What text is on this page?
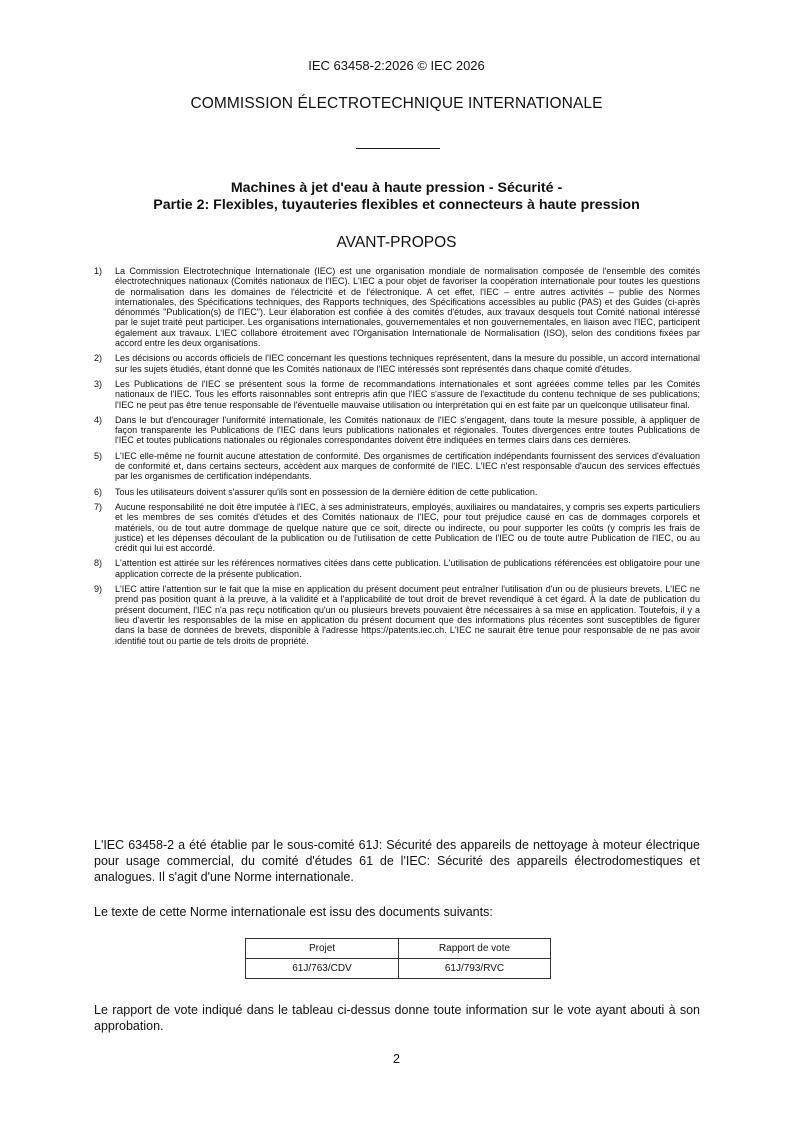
IEC 63458-2:2026 © IEC 2026
COMMISSION ÉLECTROTECHNIQUE INTERNATIONALE
Machines à jet d'eau à haute pression - Sécurité -
Partie 2: Flexibles, tuyauteries flexibles et connecteurs à haute pression
AVANT-PROPOS
1) La Commission Electrotechnique Internationale (IEC) est une organisation mondiale de normalisation composée de l'ensemble des comités électrotechniques nationaux (Comités nationaux de l'IEC). L'IEC a pour objet de favoriser la coopération internationale pour toutes les questions de normalisation dans les domaines de l'électricité et de l'électronique. A cet effet, l'IEC – entre autres activités – publie des Normes internationales, des Spécifications techniques, des Rapports techniques, des Spécifications accessibles au public (PAS) et des Guides (ci-après dénommés "Publication(s) de l'IEC"). Leur élaboration est confiée à des comités d'études, aux travaux desquels tout Comité national intéressé par le sujet traité peut participer. Les organisations internationales, gouvernementales et non gouvernementales, en liaison avec l'IEC, participent également aux travaux. L'IEC collabore étroitement avec l'Organisation Internationale de Normalisation (ISO), selon des conditions fixées par accord entre les deux organisations.
2) Les décisions ou accords officiels de l'IEC concernant les questions techniques représentent, dans la mesure du possible, un accord international sur les sujets étudiés, étant donné que les Comités nationaux de l'IEC intéressés sont représentés dans chaque comité d'études.
3) Les Publications de l'IEC se présentent sous la forme de recommandations internationales et sont agréées comme telles par les Comités nationaux de l'IEC. Tous les efforts raisonnables sont entrepris afin que l'IEC s'assure de l'exactitude du contenu technique de ses publications; l'IEC ne peut pas être tenue responsable de l'éventuelle mauvaise utilisation ou interprétation qui en est faite par un quelconque utilisateur final.
4) Dans le but d'encourager l'uniformité internationale, les Comités nationaux de l'IEC s'engagent, dans toute la mesure possible, à appliquer de façon transparente les Publications de l'IEC dans leurs publications nationales et régionales. Toutes divergences entre toutes Publications de l'IEC et toutes publications nationales ou régionales correspondantes doivent être indiquées en termes clairs dans ces dernières.
5) L'IEC elle-même ne fournit aucune attestation de conformité. Des organismes de certification indépendants fournissent des services d'évaluation de conformité et, dans certains secteurs, accèdent aux marques de conformité de l'IEC. L'IEC n'est responsable d'aucun des services effectués par les organismes de certification indépendants.
6) Tous les utilisateurs doivent s'assurer qu'ils sont en possession de la dernière édition de cette publication.
7) Aucune responsabilité ne doit être imputée à l'IEC, à ses administrateurs, employés, auxiliaires ou mandataires, y compris ses experts particuliers et les membres de ses comités d'études et des Comités nationaux de l'IEC, pour tout préjudice causé en cas de dommages corporels et matériels, ou de tout autre dommage de quelque nature que ce soit, directe ou indirecte, ou pour supporter les coûts (y compris les frais de justice) et les dépenses découlant de la publication ou de l'utilisation de cette Publication de l'IEC ou de toute autre Publication de l'IEC, ou au crédit qui lui est accordé.
8) L'attention est attirée sur les références normatives citées dans cette publication. L'utilisation de publications référencées est obligatoire pour une application correcte de la présente publication.
9) L'IEC attire l'attention sur le fait que la mise en application du présent document peut entraîner l'utilisation d'un ou de plusieurs brevets. L'IEC ne prend pas position quant à la preuve, à la validité et à l'applicabilité de tout droit de brevet revendiqué à cet égard. À la date de publication du présent document, l'IEC n'a pas reçu notification qu'un ou plusieurs brevets pouvaient être nécessaires à sa mise en application. Toutefois, il y a lieu d'avertir les responsables de la mise en application du présent document que des informations plus récentes sont susceptibles de figurer dans la base de données de brevets, disponible à l'adresse https://patents.iec.ch. L'IEC ne saurait être tenue pour responsable de ne pas avoir identifié tout ou partie de tels droits de propriété.

L'IEC 63458-2 a été établie par le sous-comité 61J: Sécurité des appareils de nettoyage à moteur électrique pour usage commercial, du comité d'études 61 de l'IEC: Sécurité des appareils électrodomestiques et analogues. Il s'agit d'une Norme internationale.

Le texte de cette Norme internationale est issu des documents suivants:

Projet	Rapport de vote
61J/763/CDV	61J/793/RVC

Le rapport de vote indiqué dans le tableau ci-dessus donne toute information sur le vote ayant abouti à son approbation.

2
